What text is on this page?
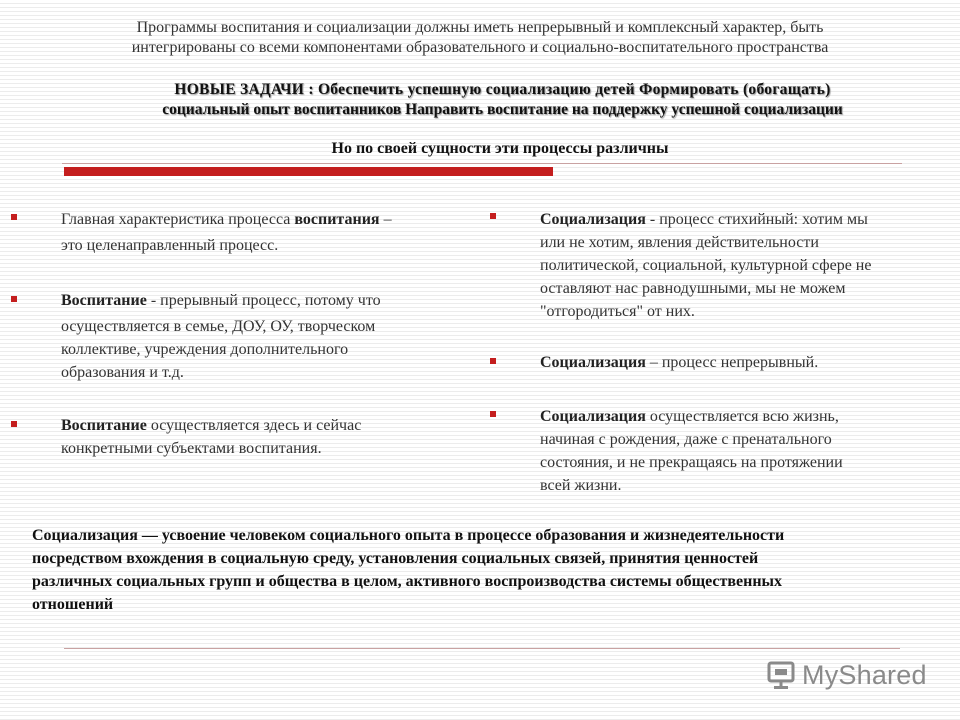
Программы воспитания и социализации должны иметь непрерывный и комплексный характер, быть
интегрированы со всеми компонентами образовательного и социально-воспитательного пространства
НОВЫЕ ЗАДАЧИ : Обеспечить успешную социализацию детей Формировать (обогащать)
социальный опыт воспитанников Направить воспитание на поддержку успешной социализации
Но по своей сущности эти процессы различны
Главная характеристика процесса воспитания –
это целенаправленный процесс.
Воспитание - прерывный процесс, потому что
осуществляется в семье, ДОУ, ОУ, творческом
коллективе, учреждения дополнительного
образования и т.д.
Воспитание осуществляется здесь и сейчас
конкретными субъектами воспитания.
Социализация - процесс стихийный: хотим мы
или не хотим, явления действительности
политической, социальной, культурной сфере не
оставляют нас равнодушными, мы не можем
"отгородиться" от них.
Социализация – процесс непрерывный.
Социализация осуществляется всю жизнь,
начиная с рождения, даже с пренатального
состояния, и не прекращаясь на протяжении
всей жизни.
Социализация — усвоение человеком социального опыта в процессе образования и жизнедеятельности
посредством вхождения в социальную среду, установления социальных связей, принятия ценностей
различных социальных групп и общества в целом, активного воспроизводства системы общественных
отношений
MyShared
